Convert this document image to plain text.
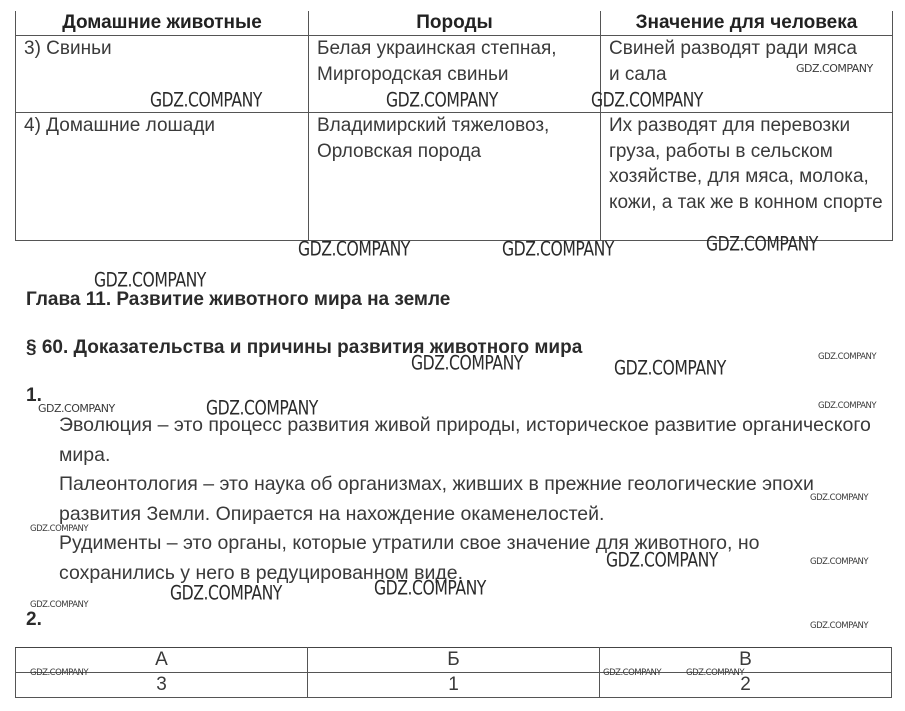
Домашние животные	Породы	Значение для человека
3) Свиньи	Белая украинская степная, Миргородская свиньи	Свиней разводят ради мяса и сала
4) Домашние лошади	Владимирский тяжеловоз, Орловская порода	Их разводят для перевозки груза, работы в сельском хозяйстве, для мяса, молока, кожи, а так же в конном спорте
Глава 11. Развитие животного мира на земле
§ 60. Доказательства и причины развития животного мира
1.

Эволюция – это процесс развития живой природы, историческое развитие органического мира.

Палеонтология – это наука об организмах, живших в прежние геологические эпохи развития Земли. Опирается на нахождение окаменелостей.

Рудименты – это органы, которые утратили свое значение для животного, но сохранились у него в редуцированном виде.

2.
А	Б	В
3	1	2
GDZ.COMPANY	GDZ.COMPANY	GDZ.COMPANY
GDZ.COMPANY
GDZ.COMPANY	GDZ.COMPANY	GDZ.COMPANY
GDZ.COMPANY
GDZ.COMPANY	GDZ.COMPANY	GDZ.COMPANY
GDZ.COMPANY	GDZ.COMPANY	GDZ.COMPANY
GDZ.COMPANY
GDZ.COMPANY
GDZ.COMPANY	GDZ.COMPANY
GDZ.COMPANY	GDZ.COMPANY
GDZ.COMPANY
GDZ.COMPANY
GDZ.COMPANY	GDZ.COMPANY	GDZ.COMPANY
